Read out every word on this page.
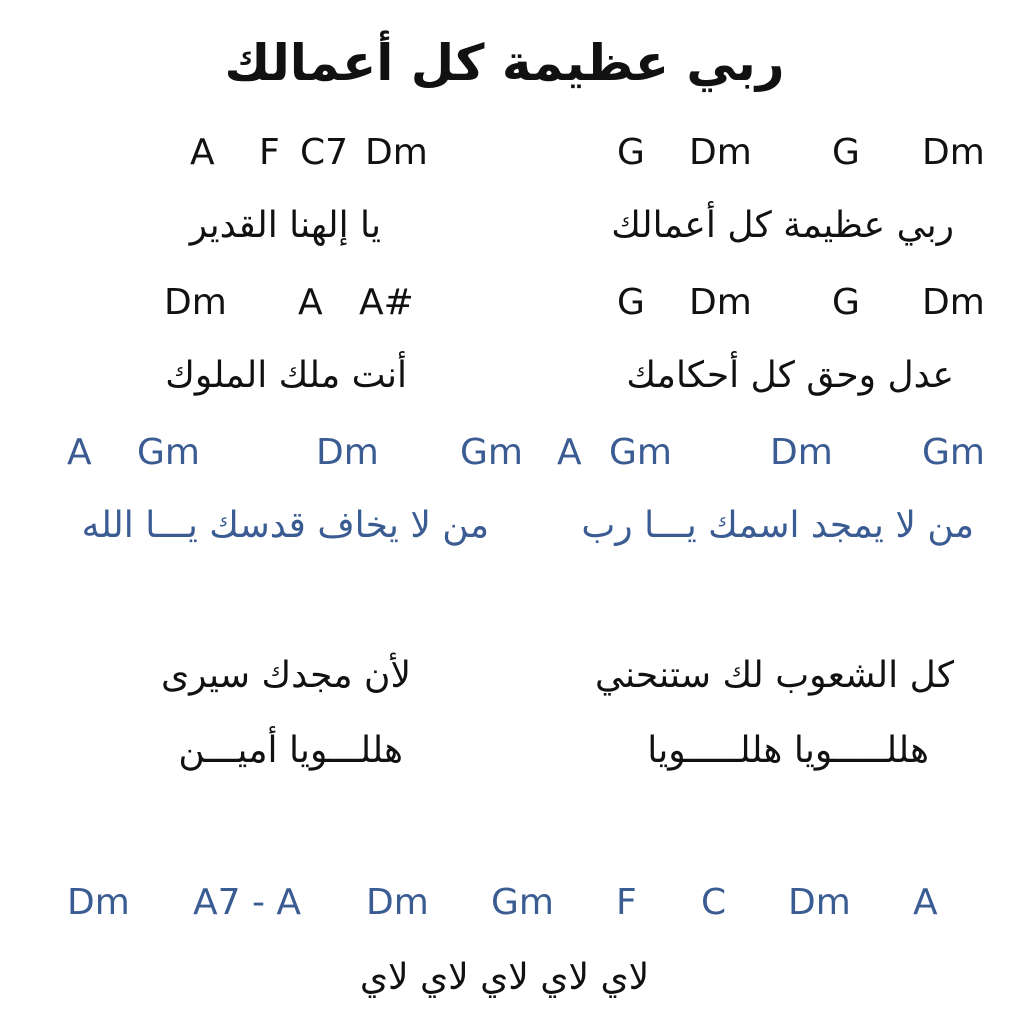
ربي عظيمة كل أعمالك
A F C7 Dm	G Dm G Dm
يا إلهنا القدير	ربي عظيمة كل أعمالك
Dm A A#	G Dm G Dm
أنت ملك الملوك	عدل وحق كل أحكامك
A Gm	Dm Gm A Gm	Dm Gm
من لا يخاف قدسك يـــا الله	من لا يمجد اسمك يـــا رب
لأن مجدك سيرى	كل الشعوب لك ستنحني
هللـــويا أميـــن	هللـــــويا هللـــــويا
Dm A7 - A Dm Gm F C Dm A
لاي لاي لاي لاي لاي
